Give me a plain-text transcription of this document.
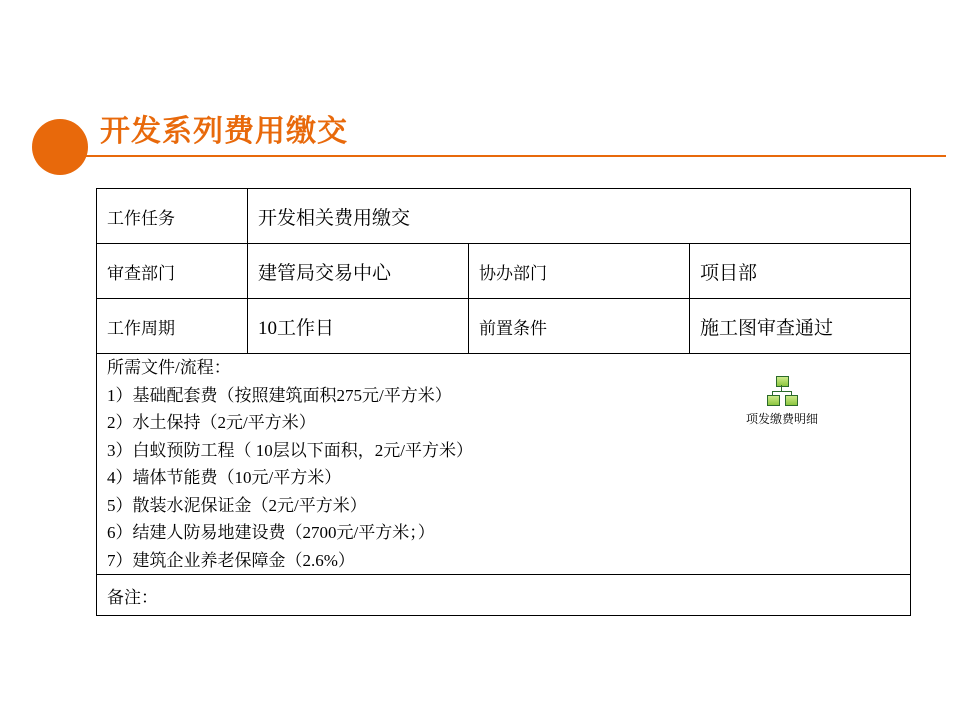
开发系列费用缴交
工作任务	开发相关费用缴交		
审查部门	建管局交易中心	协办部门	项目部
工作周期	10工作日	前置条件	施工图审查通过

所需文件/流程：
1）基础配套费（按照建筑面积275元/平方米）
2）水土保持（2元/平方米）
3）白蚁预防工程（ 10层以下面积，2元/平方米）
4）墙体节能费（10元/平方米）
5）散装水泥保证金（2元/平方米）
6）结建人防易地建设费（2700元/平方米；）
7）建筑企业养老保障金（2.6%）
项发缴费明细

备注：			
